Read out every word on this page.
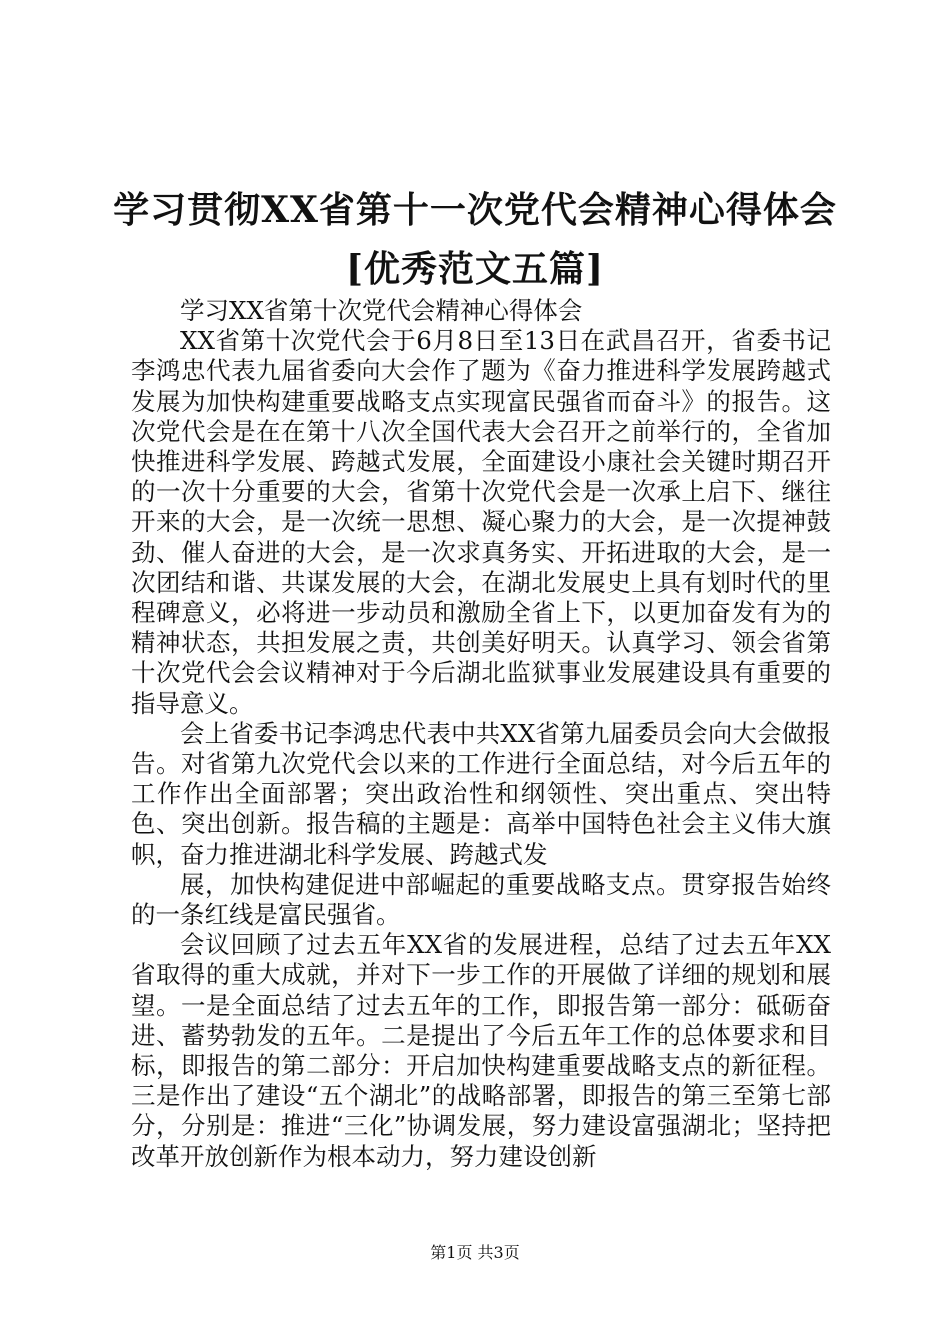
学习贯彻XX省第十一次党代会精神心得体会
[优秀范文五篇]

学习XX省第十次党代会精神心得体会

XX省第十次党代会于6月8日至13日在武昌召开，省委书记李鸿忠代表九届省委向大会作了题为《奋力推进科学发展跨越式发展为加快构建重要战略支点实现富民强省而奋斗》的报告。这次党代会是在在第十八次全国代表大会召开之前举行的，全省加快推进科学发展、跨越式发展，全面建设小康社会关键时期召开的一次十分重要的大会，省第十次党代会是一次承上启下、继往开来的大会，是一次统一思想、凝心聚力的大会，是一次提神鼓劲、催人奋进的大会，是一次求真务实、开拓进取的大会，是一次团结和谐、共谋发展的大会，在湖北发展史上具有划时代的里程碑意义，必将进一步动员和激励全省上下，以更加奋发有为的精神状态，共担发展之责，共创美好明天。认真学习、领会省第十次党代会会议精神对于今后湖北监狱事业发展建设具有重要的指导意义。

会上省委书记李鸿忠代表中共XX省第九届委员会向大会做报告。对省第九次党代会以来的工作进行全面总结，对今后五年的工作作出全面部署；突出政治性和纲领性、突出重点、突出特色、突出创新。报告稿的主题是：高举中国特色社会主义伟大旗帜，奋力推进湖北科学发展、跨越式发

展，加快构建促进中部崛起的重要战略支点。贯穿报告始终的一条红线是富民强省。

会议回顾了过去五年XX省的发展进程，总结了过去五年XX省取得的重大成就，并对下一步工作的开展做了详细的规划和展望。一是全面总结了过去五年的工作，即报告第一部分：砥砺奋进、蓄势勃发的五年。二是提出了今后五年工作的总体要求和目标，即报告的第二部分：开启加快构建重要战略支点的新征程。三是作出了建设“五个湖北”的战略部署，即报告的第三至第七部分，分别是：推进“三化”协调发展，努力建设富强湖北；坚持把改革开放创新作为根本动力，努力建设创新

第1页 共3页
